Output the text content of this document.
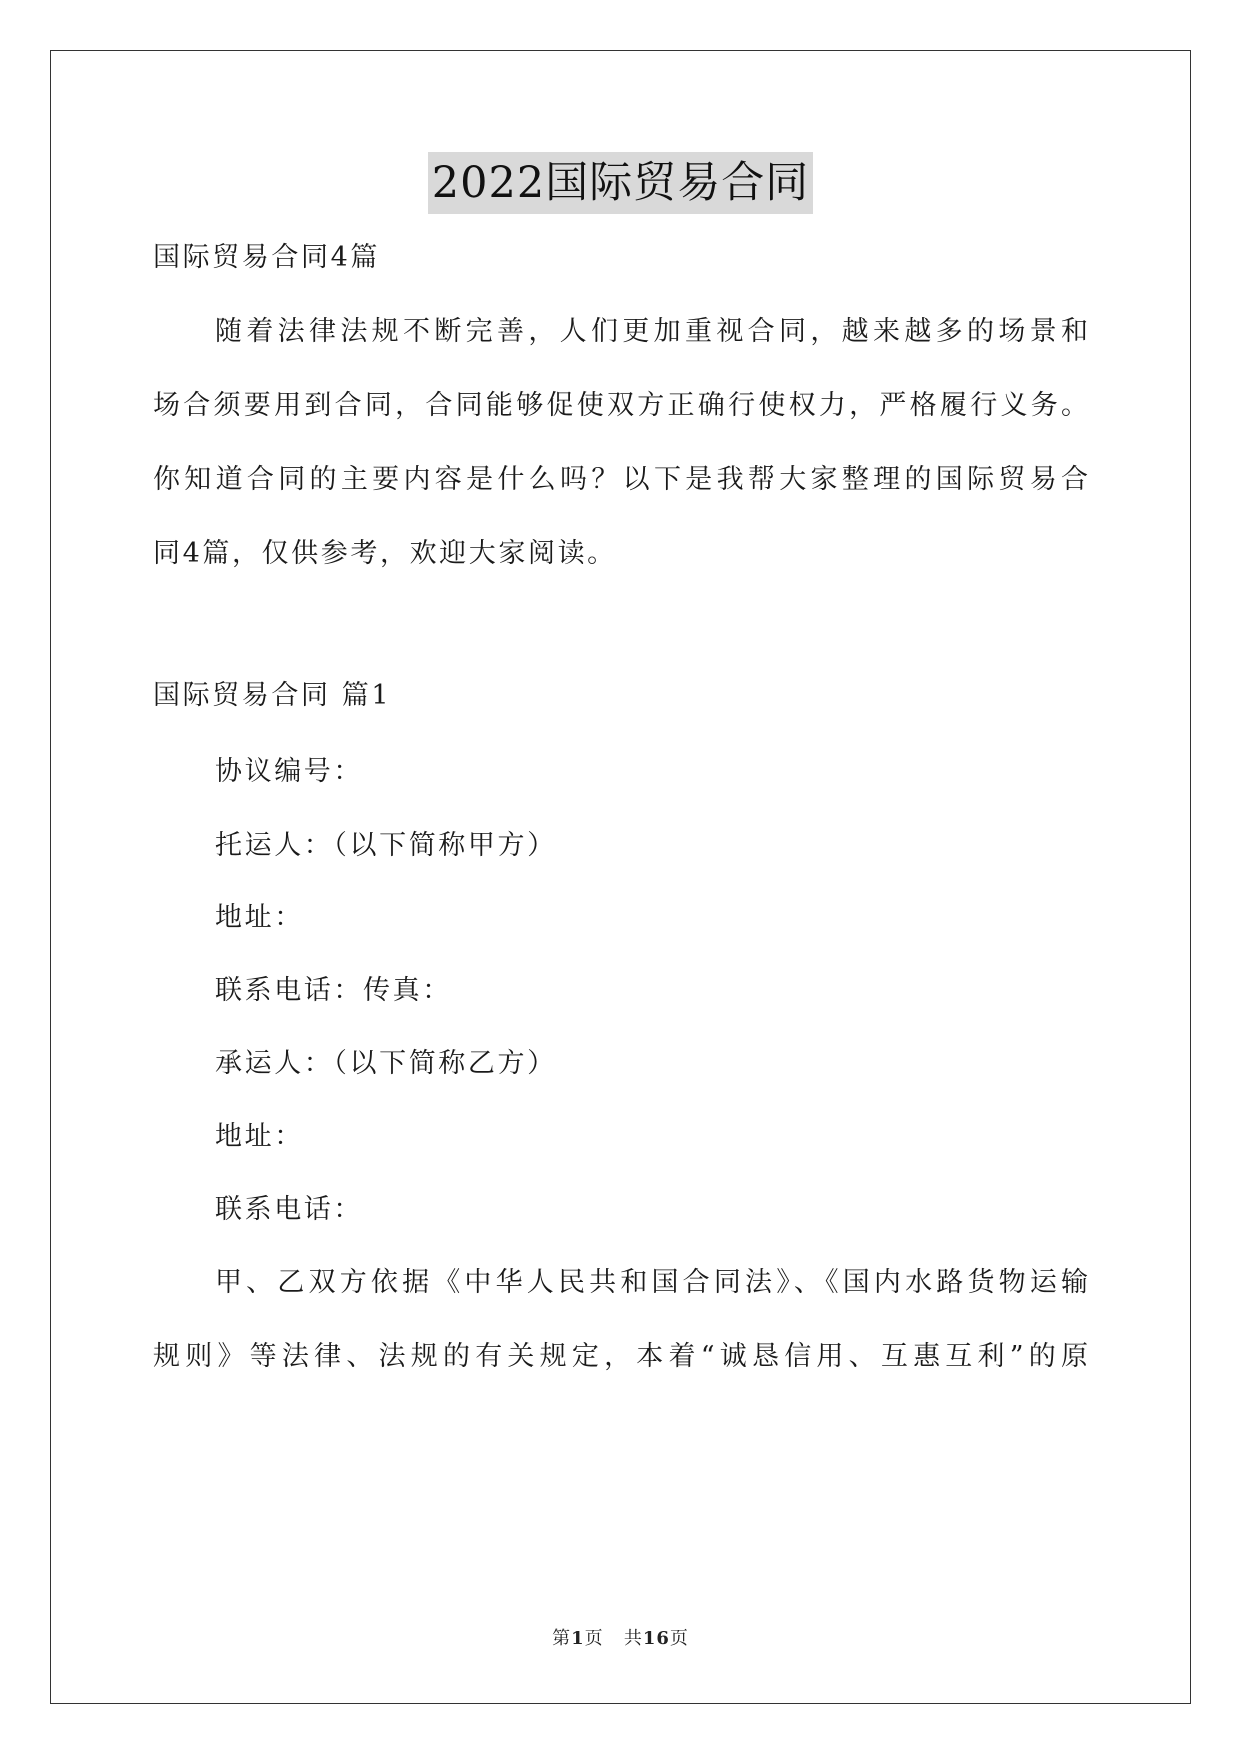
2022国际贸易合同
国际贸易合同4篇
随着法律法规不断完善，人们更加重视合同，越来越多的场景和
场合须要用到合同，合同能够促使双方正确行使权力，严格履行义务。
你知道合同的主要内容是什么吗？以下是我帮大家整理的国际贸易合
同4篇，仅供参考，欢迎大家阅读。
国际贸易合同 篇1
协议编号：
托运人：（以下简称甲方）
地址：
联系电话：传真：
承运人：（以下简称乙方）
地址：
联系电话：
甲、乙双方依据《中华人民共和国合同法》、《国内水路货物运输
规则》等法律、法规的有关规定，本着“诚恳信用、互惠互利”的原
第1页 共16页
